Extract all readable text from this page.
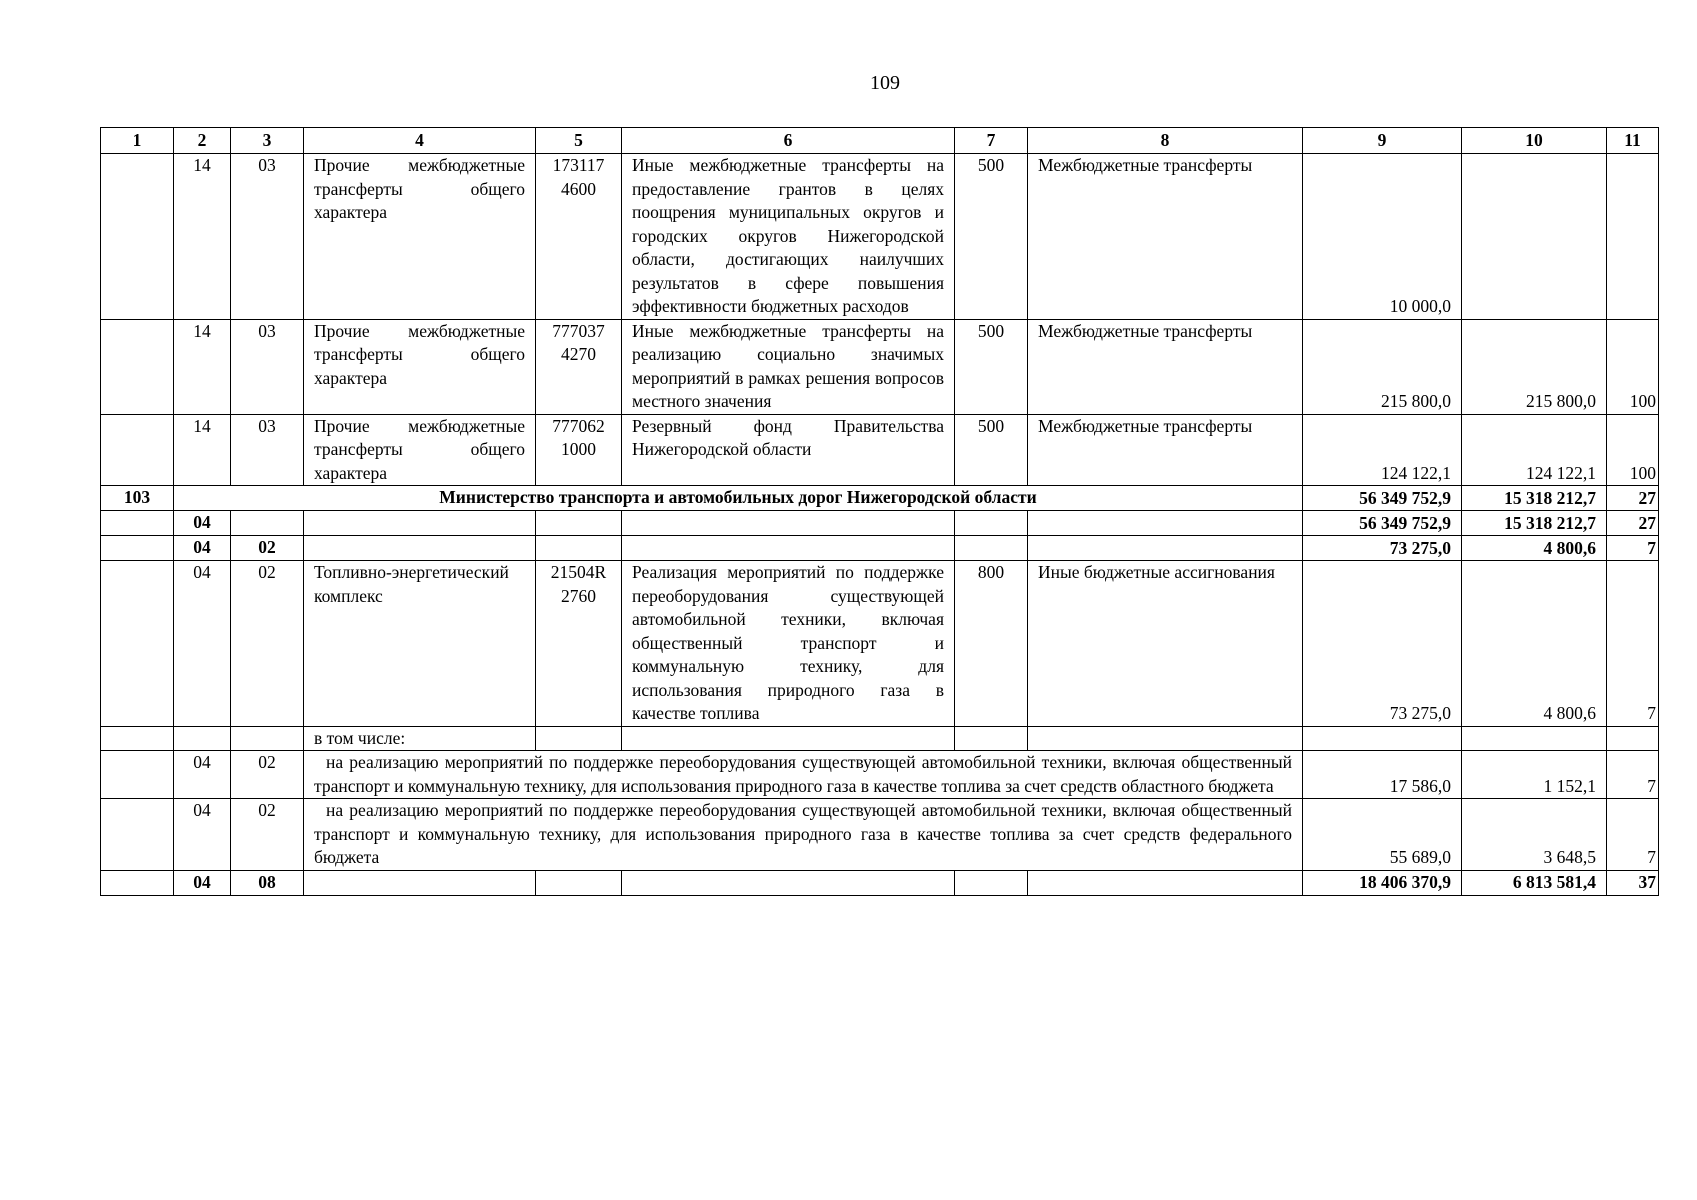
109
1	2	3	4	5	6	7	8	9	10	11
	14	03	Прочие межбюджетные трансферты общего характера	173117 4600	Иные межбюджетные трансферты на предоставление грантов в целях поощрения муниципальных округов и городских округов Нижегородской области, достигающих наилучших результатов в сфере повышения эффективности бюджетных расходов	500	Межбюджетные трансферты	10 000,0		
	14	03	Прочие межбюджетные трансферты общего характера	777037 4270	Иные межбюджетные трансферты на реализацию социально значимых мероприятий в рамках решения вопросов местного значения	500	Межбюджетные трансферты	215 800,0	215 800,0	100
	14	03	Прочие межбюджетные трансферты общего характера	777062 1000	Резервный фонд Правительства Нижегородской области	500	Межбюджетные трансферты	124 122,1	124 122,1	100
103	Министерство транспорта и автомобильных дорог Нижегородской области							56 349 752,9	15 318 212,7	27
	04							56 349 752,9	15 318 212,7	27
	04	02						73 275,0	4 800,6	7
	04	02	Топливно-энергетический комплекс	21504R 2760	Реализация мероприятий по поддержке переоборудования существующей автомобильной техники, включая общественный транспорт и коммунальную технику, для использования природного газа в качестве топлива	800	Иные бюджетные ассигнования	73 275,0	4 800,6	7
			в том числе:							
	04	02	на реализацию мероприятий по поддержке переоборудования существующей автомобильной техники, включая общественный транспорт и коммунальную технику, для использования природного газа в качестве топлива за счет средств областного бюджета					17 586,0	1 152,1	7
	04	02	на реализацию мероприятий по поддержке переоборудования существующей автомобильной техники, включая общественный транспорт и коммунальную технику, для использования природного газа в качестве топлива за счет средств федерального бюджета					55 689,0	3 648,5	7
	04	08						18 406 370,9	6 813 581,4	37
